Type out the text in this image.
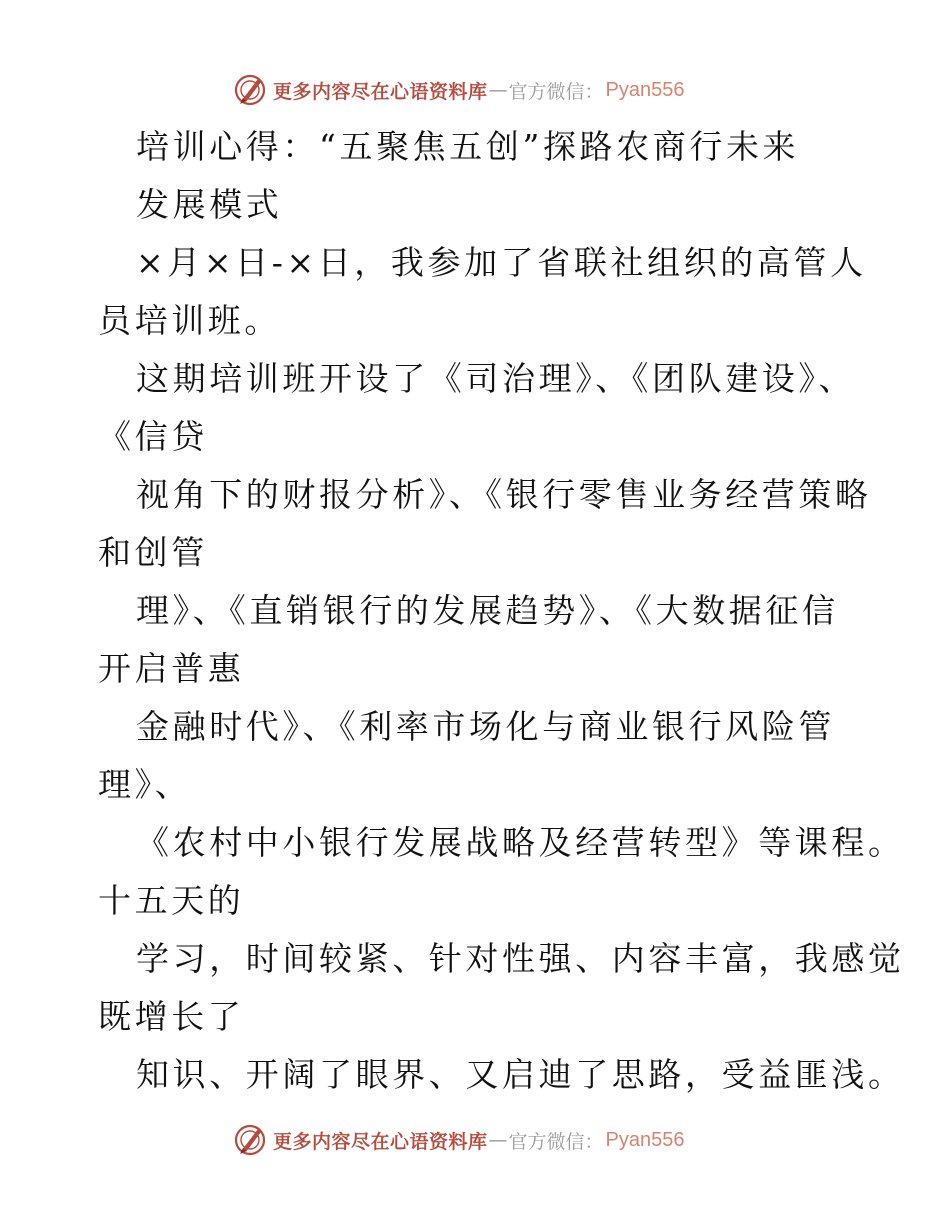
更多内容尽在心语资料库 — 官方微信： Pyan556
培训心得：“五聚焦五创”探路农商行未来
发展模式
×月×日-×日，我参加了省联社组织的高管人
员培训班。
这期培训班开设了《司治理》、《团队建设》、
《信贷
视角下的财报分析》、《银行零售业务经营策略
和创管
理》、《直销银行的发展趋势》、《大数据征信
开启普惠
金融时代》、《利率市场化与商业银行风险管
理》、
《农村中小银行发展战略及经营转型》等课程。
十五天的
学习，时间较紧、针对性强、内容丰富，我感觉
既增长了
知识、开阔了眼界、又启迪了思路，受益匪浅。
更多内容尽在心语资料库 — 官方微信： Pyan556
